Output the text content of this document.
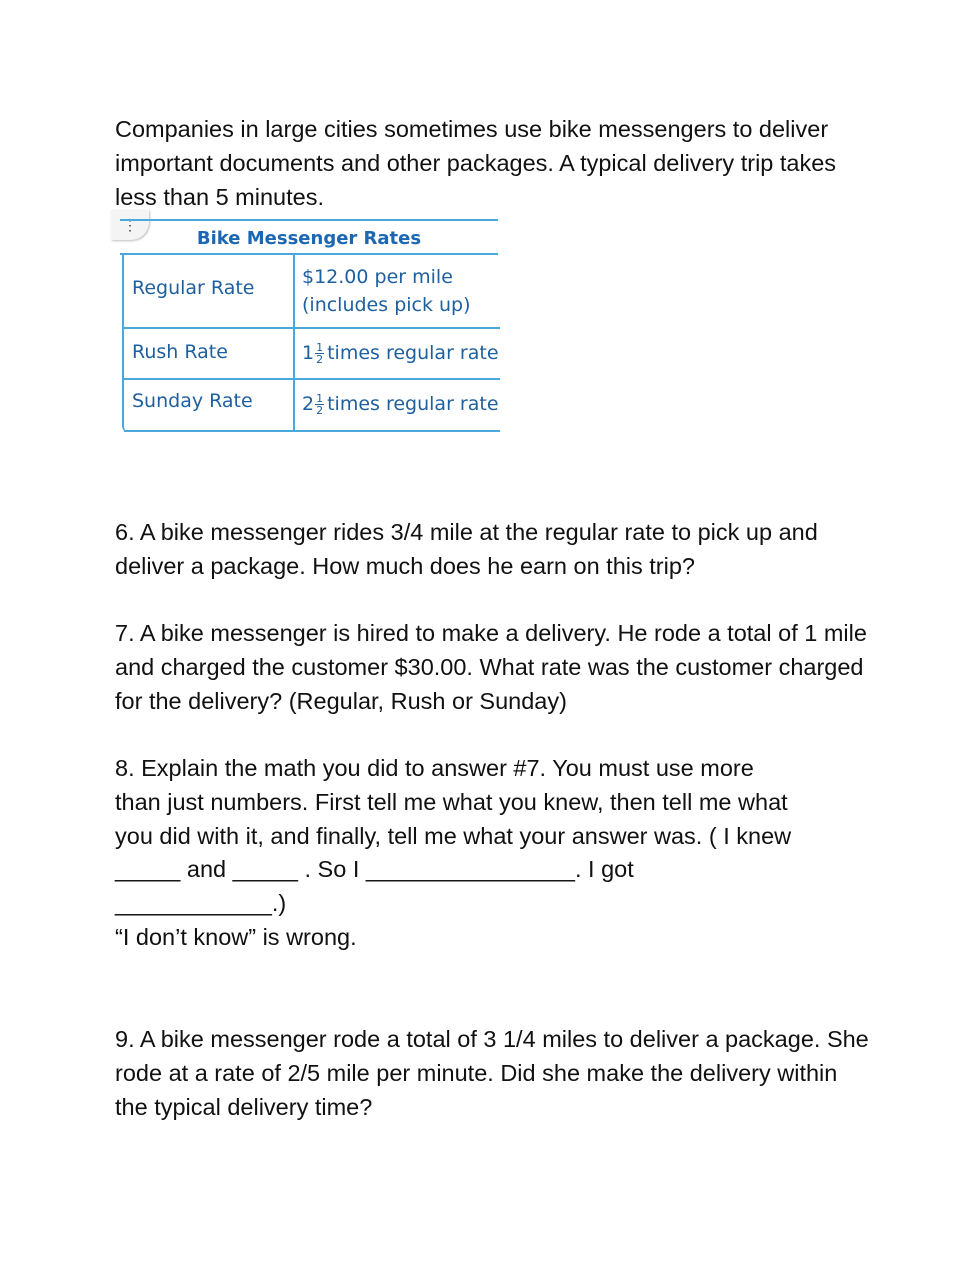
Companies in large cities sometimes use bike messengers to deliver important documents and other packages. A typical delivery trip takes less than 5 minutes.

⋮
Bike Messenger Rates
Regular Rate	$12.00 per mile
(includes pick up)
Rush Rate	$1 \frac{1}{2}$ times regular rate
Sunday Rate	$2 \frac{1}{2}$ times regular rate

6. A bike messenger rides 3/4 mile at the regular rate to pick up and deliver a package. How much does he earn on this trip?

7. A bike messenger is hired to make a delivery. He rode a total of 1 mile and charged the customer $30.00. What rate was the customer charged for the delivery? (Regular, Rush or Sunday)

8. Explain the math you did to answer #7. You must use more
than just numbers. First tell me what you knew, then tell me what
you did with it, and finally, tell me what your answer was. ( I knew
_____ and _____ . So I ________________. I got
____________.)
“I don’t know” is wrong.

9. A bike messenger rode a total of 3 1/4 miles to deliver a package. She rode at a rate of 2/5 mile per minute. Did she make the delivery within the typical delivery time?
